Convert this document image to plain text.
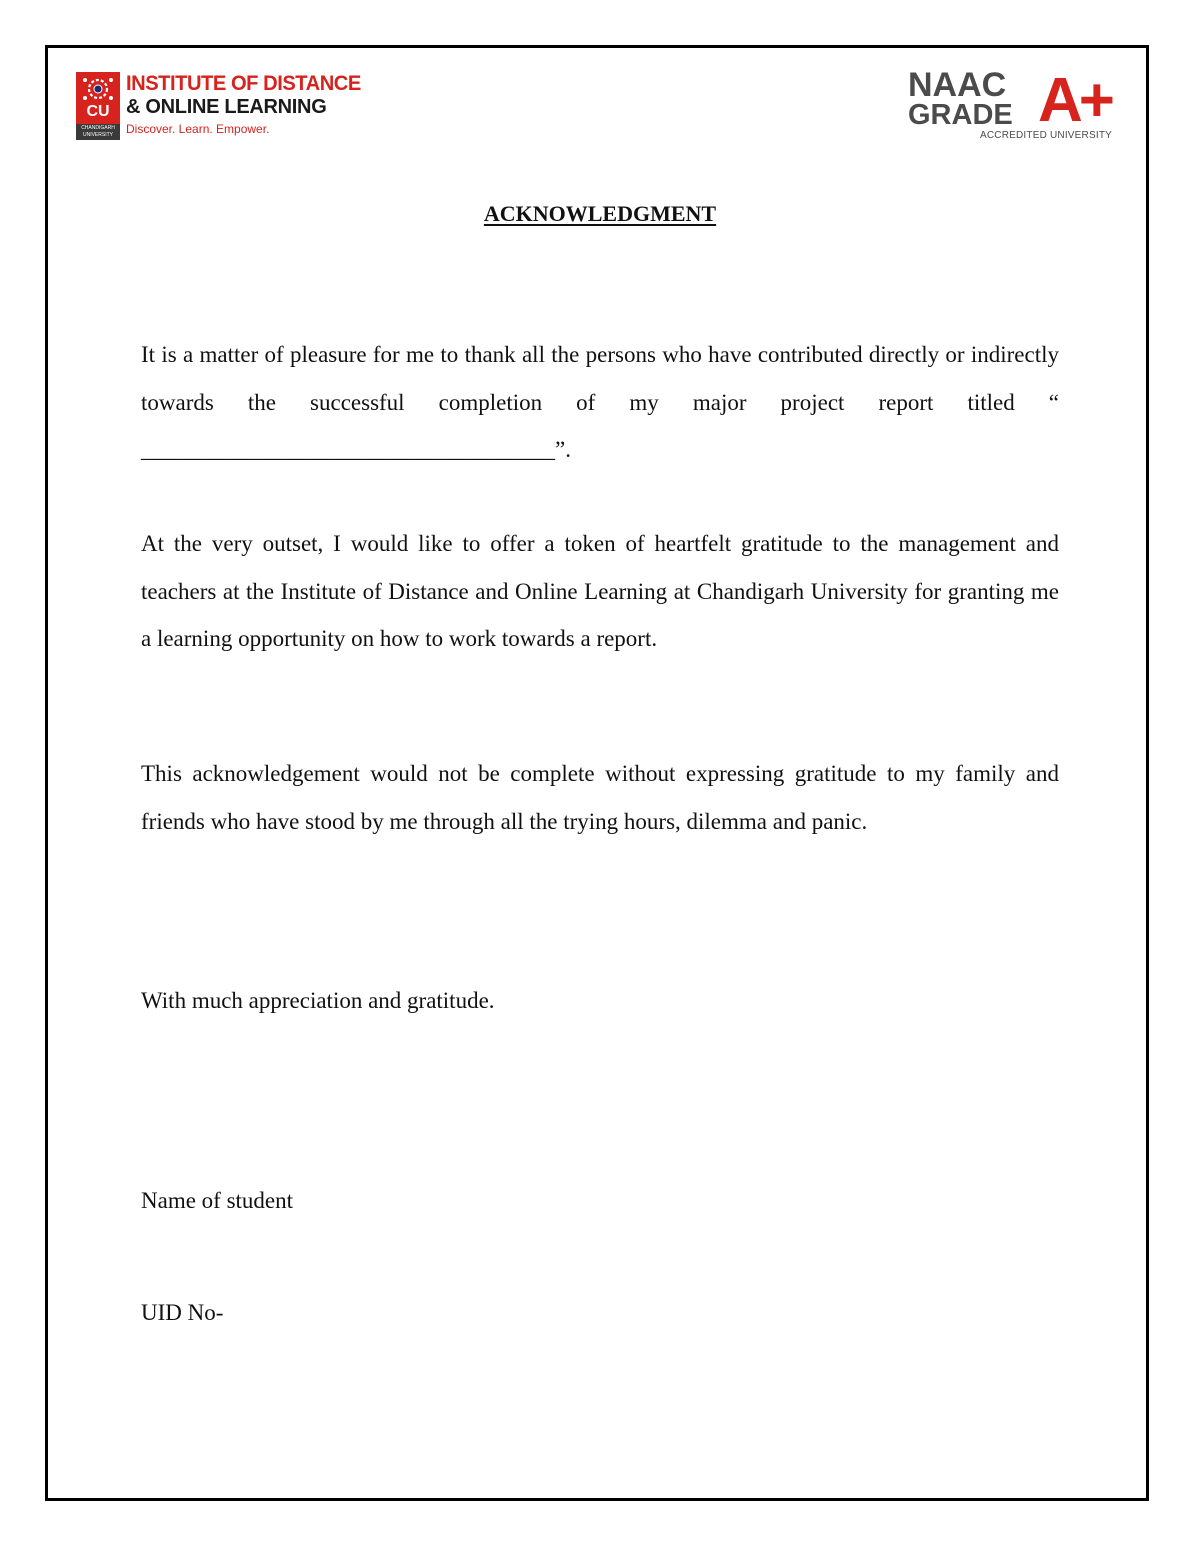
CU
CHANDIGARH UNIVERSITY
INSTITUTE OF DISTANCE
& ONLINE LEARNING
Discover. Learn. Empower.
NAAC
GRADE A+
ACCREDITED UNIVERSITY
ACKNOWLEDGMENT

It is a matter of pleasure for me to thank all the persons who have contributed directly or indirectly towards the successful completion of my major project report titled “ ____________________________________”.

At the very outset, I would like to offer a token of heartfelt gratitude to the management and teachers at the Institute of Distance and Online Learning at Chandigarh University for granting me a learning opportunity on how to work towards a report.

This acknowledgement would not be complete without expressing gratitude to my family and friends who have stood by me through all the trying hours, dilemma and panic.

With much appreciation and gratitude.
Name of student
UID No-
